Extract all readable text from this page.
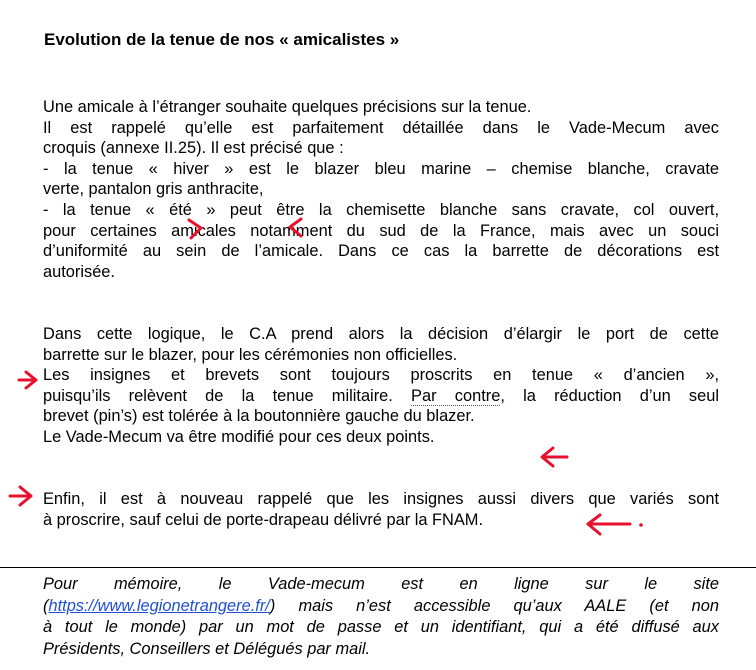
Evolution de la tenue de nos « amicalistes »

Une amicale à l’étranger souhaite quelques précisions sur la tenue.

Il est rappelé qu’elle est parfaitement détaillée dans le Vade-Mecum avec

croquis (annexe II.25). Il est précisé que :

- la tenue « hiver » est le blazer bleu marine – chemise blanche, cravate

verte, pantalon gris anthracite,

- la tenue « été » peut être la chemisette blanche sans cravate, col ouvert,

pour certaines amicales notamment du sud de la France, mais avec un souci

d’uniformité au sein de l’amicale. Dans ce cas la barrette de décorations est

autorisée.

Dans cette logique, le C.A prend alors la décision d’élargir le port de cette

barrette sur le blazer, pour les cérémonies non officielles.

Les insignes et brevets sont toujours proscrits en tenue « d’ancien »,

puisqu’ils relèvent de la tenue militaire. Par contre, la réduction d’un seul

brevet (pin’s) est tolérée à la boutonnière gauche du blazer.

Le Vade-Mecum va être modifié pour ces deux points.

Enfin, il est à nouveau rappelé que les insignes aussi divers que variés sont

à proscrire, sauf celui de porte-drapeau délivré par la FNAM.

Pour mémoire, le Vade-mecum est en ligne sur le site

(https://www.legionetrangere.fr/) mais n’est accessible qu’aux AALE (et non

à tout le monde) par un mot de passe et un identifiant, qui a été diffusé aux

Présidents, Conseillers et Délégués par mail.
